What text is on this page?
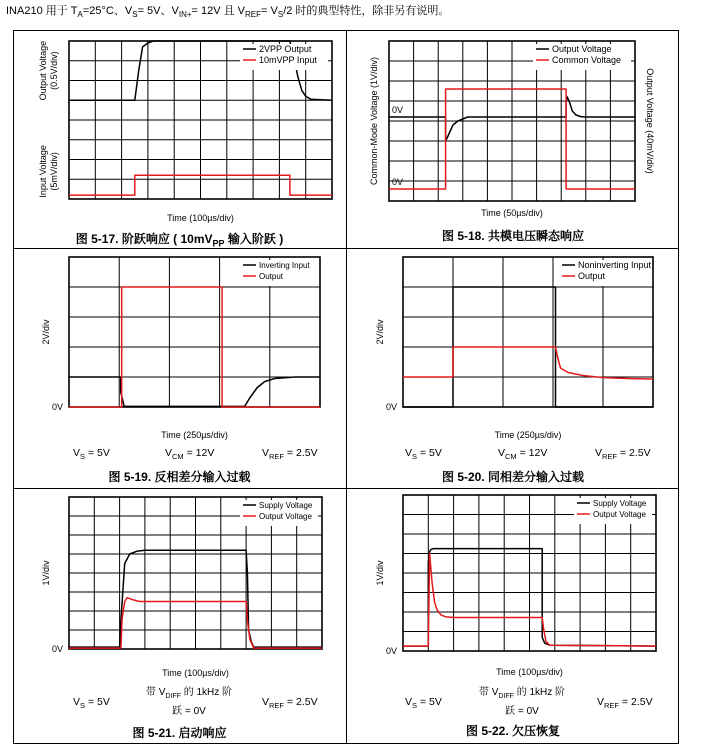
INA210 用于 $T_A=25^\circ C$、$V_S= 5V$、$V_{IN+}= 12V$ 且 $V_{REF}= V_S/2$ 时的典型特性，除非另有说明。
2VPP Output
10mVPP Input
Time (100µs/div)
Output Voltage (0.5V/div)
Input Voltage (5mV/div)
图 5-17. 阶跃响应 ( $10mV_{PP}$ 输入阶跃 )
Output Voltage
Common Voltage
Time (50µs/div)
Common-Mode Voltage (1V/div)	Output Voltage (40mV/div)
0V
0V
图 5-18. 共模电压瞬态响应
Inverting Input
Output
Time (250µs/div)
2V/div
0V
$V_S = 5V$	$V_{CM} = 12V$	$V_{REF} = 2.5V$
图 5-19. 反相差分输入过载
Noninverting Input
Output
Time (250µs/div)
2V/div
0V
$V_S = 5V$	$V_{CM} = 12V$	$V_{REF} = 2.5V$
图 5-20. 同相差分输入过载
Supply Voltage
Output Voltage
Time (100µs/div)
1V/div
0V
$V_S = 5V$
带 $V_{DIFF}$ 的 1kHz 阶
跃 = 0V
$V_{REF} = 2.5V$
图 5-21. 启动响应
Supply Voltage
Output Voltage
Time (100µs/div)
1V/div
0V
$V_S = 5V$
带 $V_{DIFF}$ 的 1kHz 阶
跃 = 0V
$V_{REF} = 2.5V$
图 5-22. 欠压恢复
